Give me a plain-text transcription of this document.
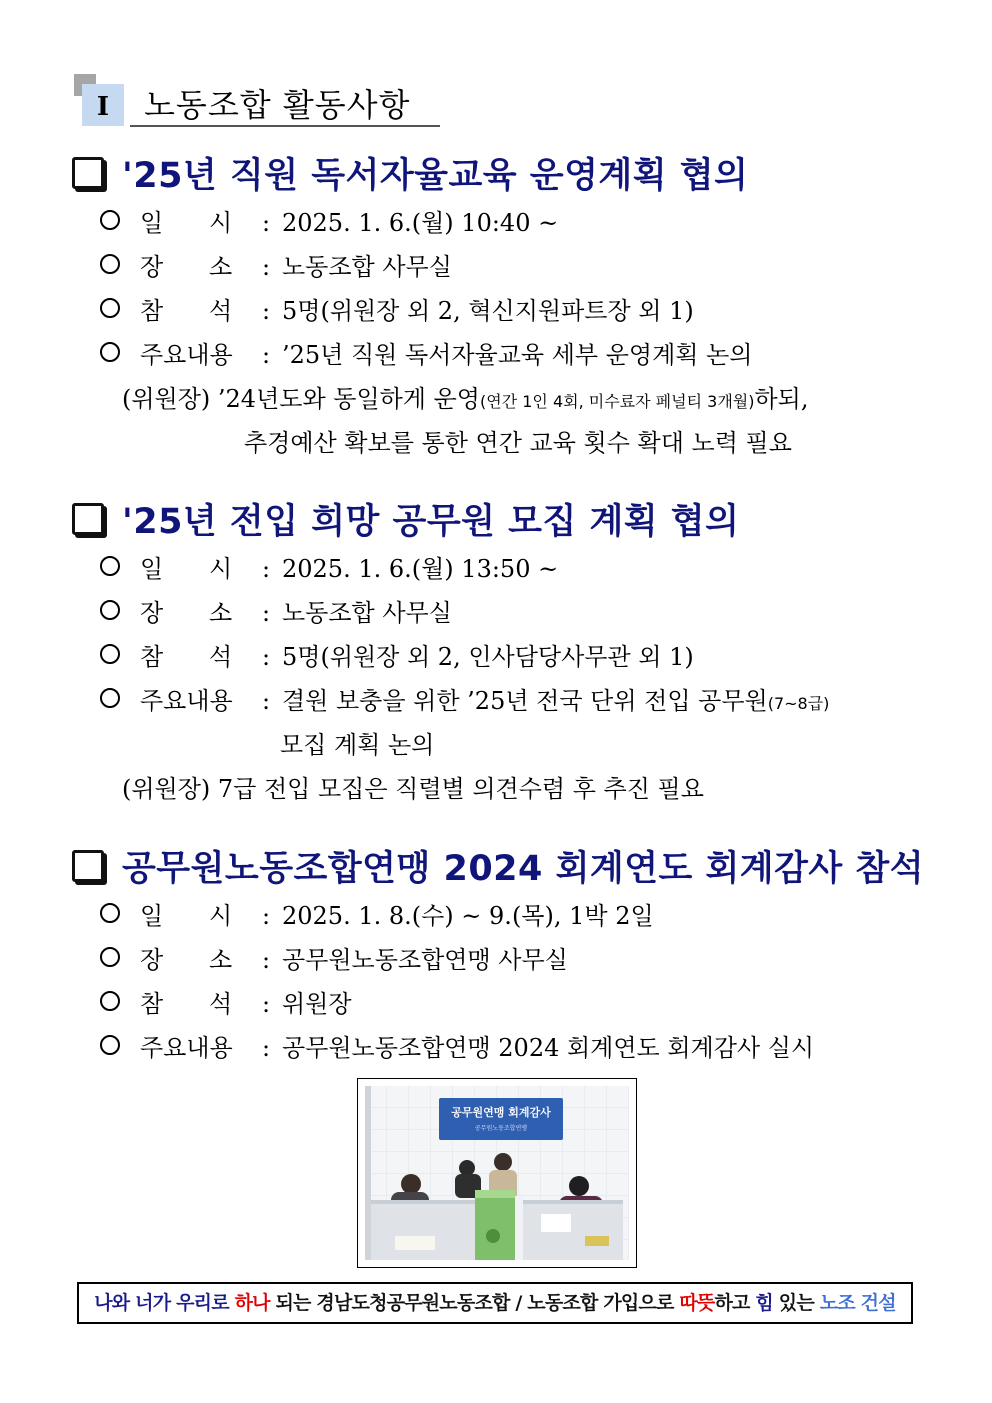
I	노동조합 활동사항
'25년 직원 독서자율교육 운영계획 협의
일      시 : 2025. 1. 6.(월) 10:40 ~
장      소 : 노동조합 사무실
참      석 : 5명(위원장 외 2, 혁신지원파트장 외 1)
주요내용 : ’25년 직원 독서자율교육 세부 운영계획 논의
(위원장) ’24년도와 동일하게 운영(연간 1인 4회, 미수료자 페널티 3개월)하되,
추경예산 확보를 통한 연간 교육 횟수 확대 노력 필요
'25년 전입 희망 공무원 모집 계획 협의
일      시 : 2025. 1. 6.(월) 13:50 ~
장      소 : 노동조합 사무실
참      석 : 5명(위원장 외 2, 인사담당사무관 외 1)
주요내용 : 결원 보충을 위한 ’25년 전국 단위 전입 공무원(7~8급)
모집 계획 논의
(위원장) 7급 전입 모집은 직렬별 의견수렴 후 추진 필요
공무원노동조합연맹 2024 회계연도 회계감사 참석
일      시 : 2025. 1. 8.(수) ~ 9.(목), 1박 2일
장      소 : 공무원노동조합연맹 사무실
참      석 : 위원장
주요내용 : 공무원노동조합연맹 2024 회계연도 회계감사 실시
공무원연맹 회계감사
공무원노동조합연맹
나와 너가 우리로 하나 되는 경남도청공무원노동조합 / 노동조합 가입으로 따뜻하고 힘 있는 노조 건설
